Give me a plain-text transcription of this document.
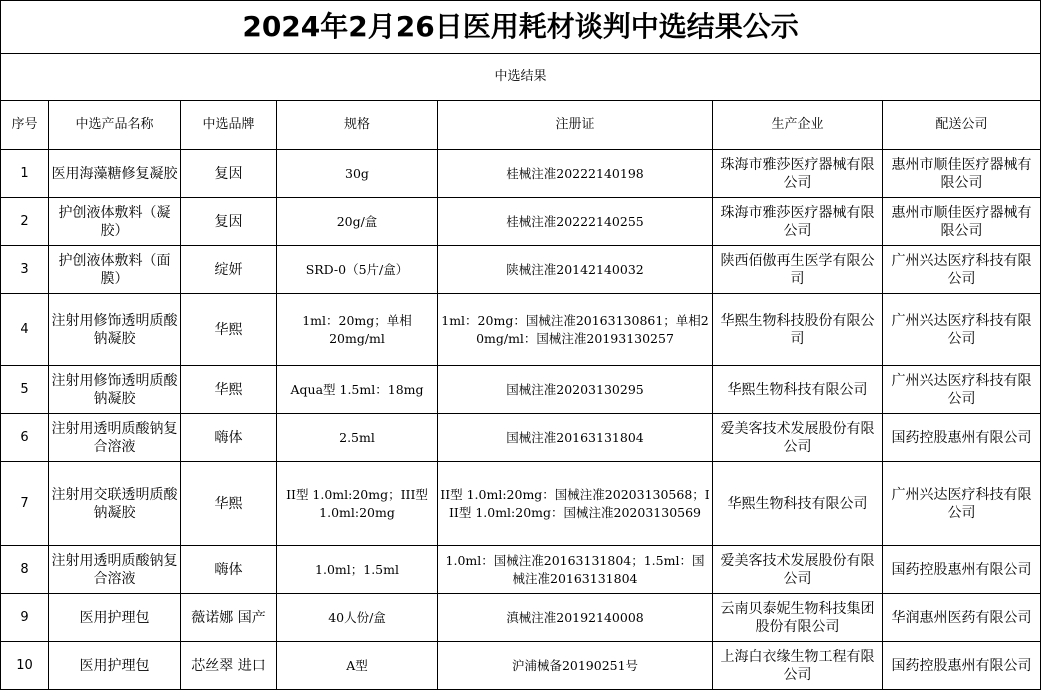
2024年2月26日医用耗材谈判中选结果公示						
中选结果						
序号	中选产品名称	中选品牌	规格	注册证	生产企业	配送公司
1	医用海藻糖修复凝胶	复因	30g	桂械注准20222140198	珠海市雅莎医疗器械有限公司	惠州市顺佳医疗器械有限公司
2	护创液体敷料（凝胶）	复因	20g/盒	桂械注准20222140255	珠海市雅莎医疗器械有限公司	惠州市顺佳医疗器械有限公司
3	护创液体敷料（面膜）	绽妍	SRD-0（5片/盒）	陕械注准20142140032	陕西佰傲再生医学有限公司	广州兴达医疗科技有限公司
4	注射用修饰透明质酸钠凝胶	华熙	1ml：20mg；单相20mg/ml	1ml：20mg：国械注准20163130861；单相20mg/ml：国械注准20193130257	华熙生物科技股份有限公司	广州兴达医疗科技有限公司
5	注射用修饰透明质酸钠凝胶	华熙	Aqua型 1.5ml：18mg	国械注准20203130295	华熙生物科技有限公司	广州兴达医疗科技有限公司
6	注射用透明质酸钠复合溶液	嗨体	2.5ml	国械注准20163131804	爱美客技术发展股份有限公司	国药控股惠州有限公司
7	注射用交联透明质酸钠凝胶	华熙	II型 1.0ml:20mg；III型 1.0ml:20mg	II型 1.0ml:20mg：国械注准20203130568；III型 1.0ml:20mg：国械注准20203130569	华熙生物科技有限公司	广州兴达医疗科技有限公司
8	注射用透明质酸钠复合溶液	嗨体	1.0ml；1.5ml	1.0ml：国械注准20163131804；1.5ml：国械注准20163131804	爱美客技术发展股份有限公司	国药控股惠州有限公司
9	医用护理包	薇诺娜 国产	40人份/盒	滇械注准20192140008	云南贝泰妮生物科技集团股份有限公司	华润惠州医药有限公司
10	医用护理包	芯丝翠 进口	A型	沪浦械备20190251号	上海白衣缘生物工程有限公司	国药控股惠州有限公司
